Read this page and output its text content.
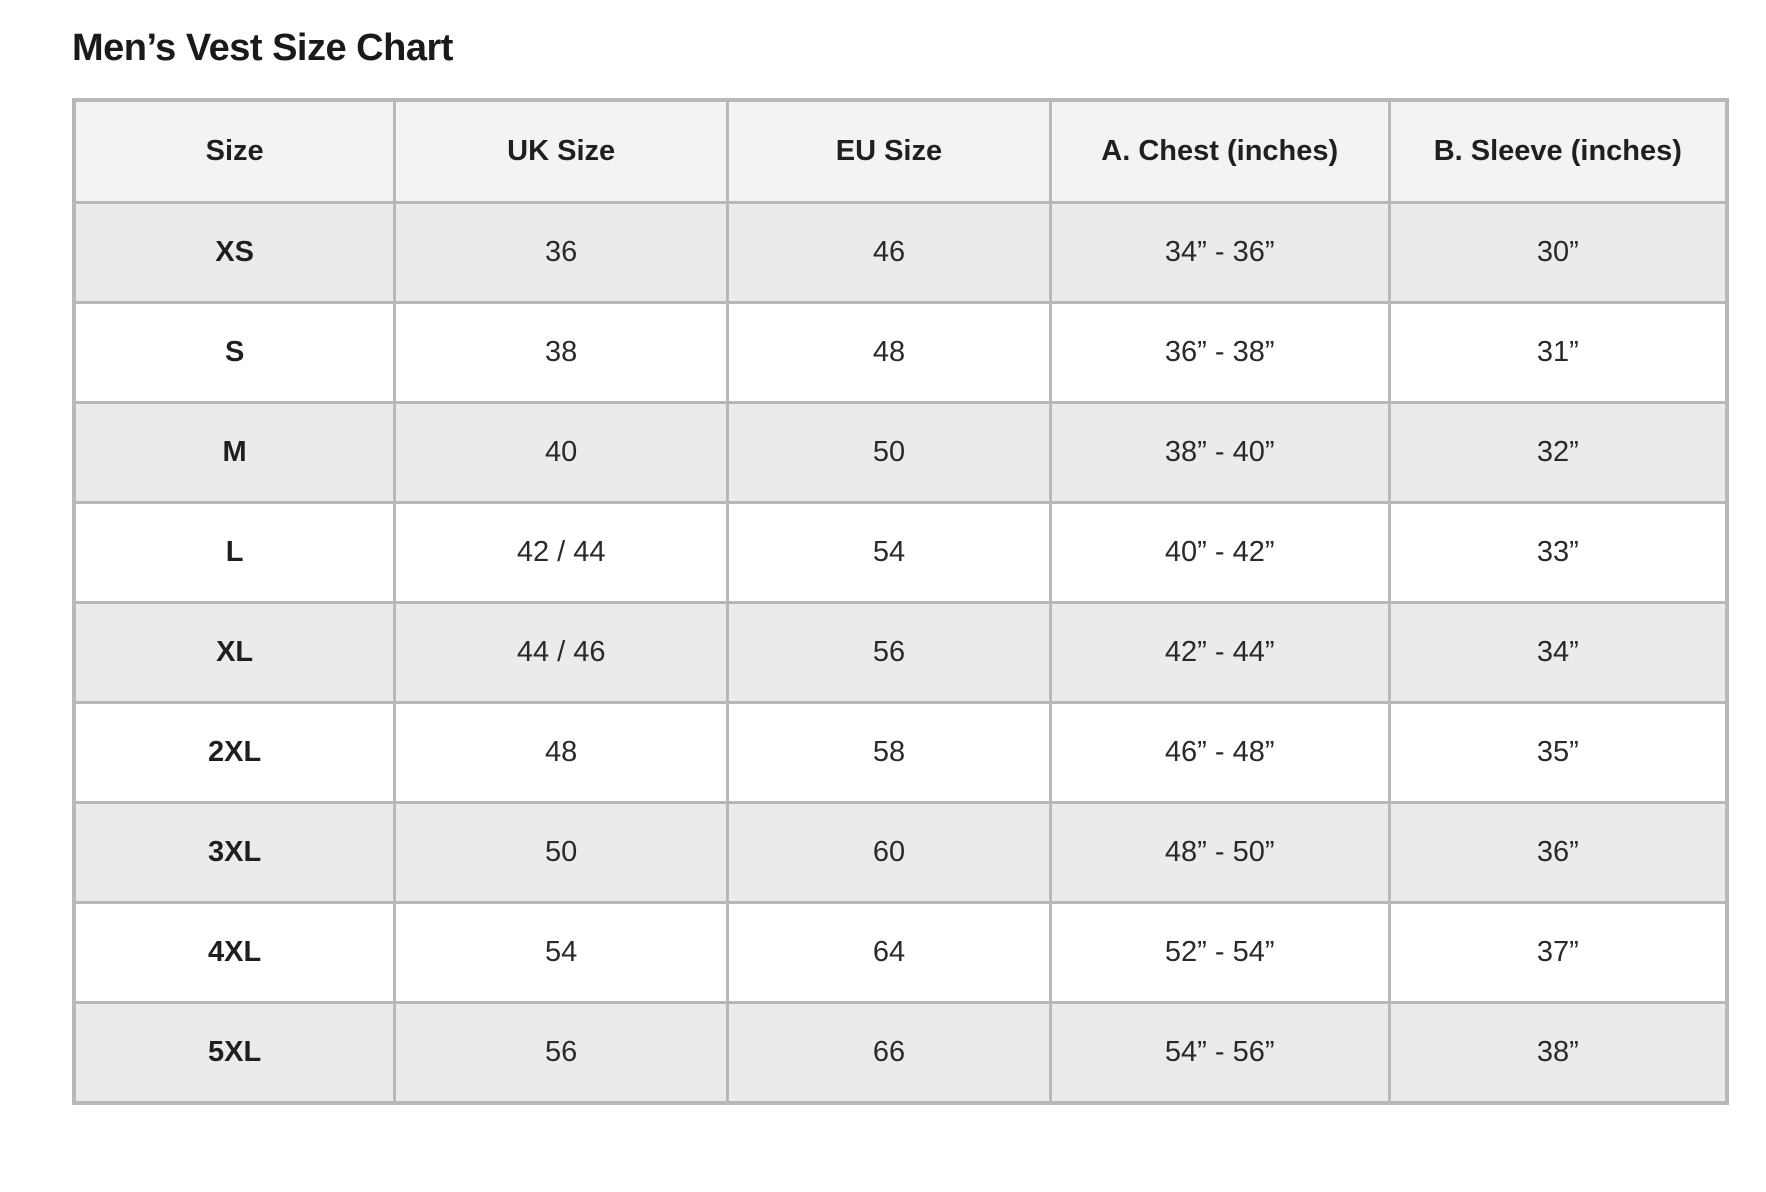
Men’s Vest Size Chart
Size	UK Size	EU Size	A. Chest (inches)	B. Sleeve (inches)
XS	36	46	34” - 36”	30”
S	38	48	36” - 38”	31”
M	40	50	38” - 40”	32”
L	42 / 44	54	40” - 42”	33”
XL	44 / 46	56	42” - 44”	34”
2XL	48	58	46” - 48”	35”
3XL	50	60	48” - 50”	36”
4XL	54	64	52” - 54”	37”
5XL	56	66	54” - 56”	38”
